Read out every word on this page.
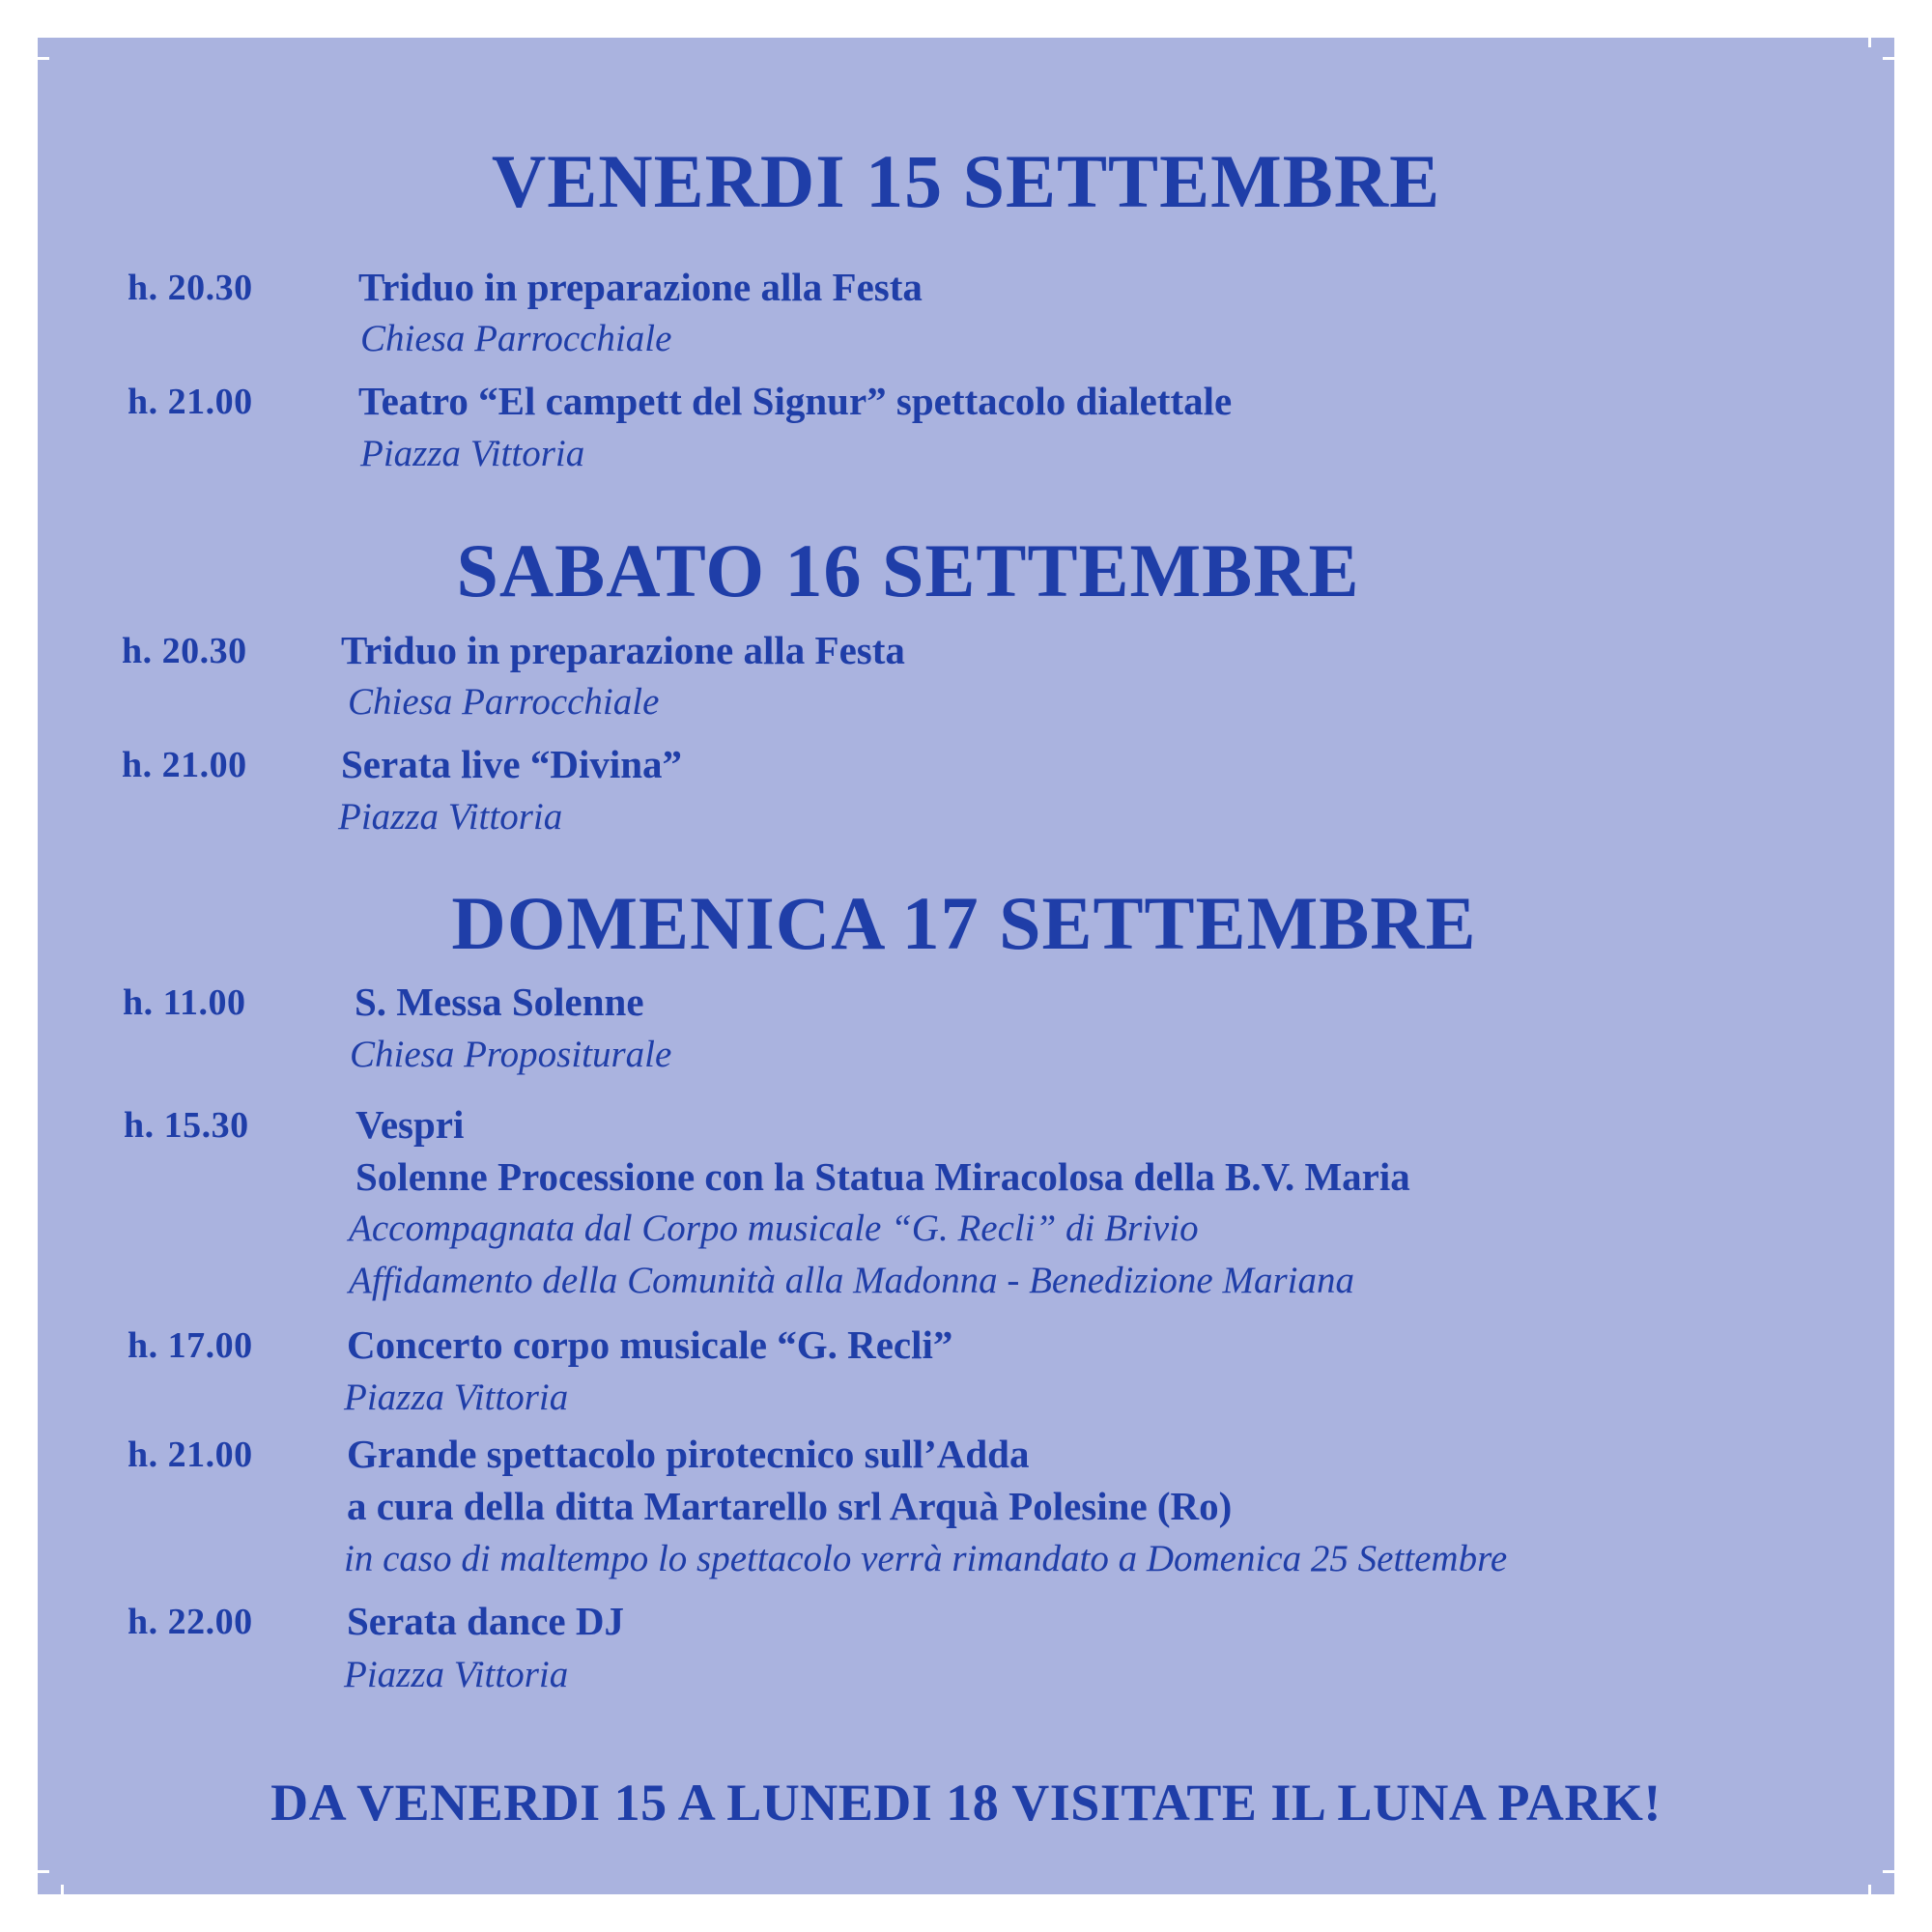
VENERDI 15 SETTEMBRE
h. 20.30	Triduo in preparazione alla Festa
Chiesa Parrocchiale
h. 21.00	Teatro “El campett del Signur” spettacolo dialettale
Piazza Vittoria
SABATO 16 SETTEMBRE
h. 20.30 Triduo in preparazione alla Festa
Chiesa Parrocchiale
h. 21.00 Serata live “Divina”
Piazza Vittoria
DOMENICA 17 SETTEMBRE
h. 11.00	S. Messa Solenne
Chiesa Propositurale
h. 15.30	Vespri
Solenne Processione con la Statua Miracolosa della B.V. Maria
Accompagnata dal Corpo musicale “G. Recli” di Brivio
Affidamento della Comunità alla Madonna - Benedizione Mariana
h. 17.00 Concerto corpo musicale “G. Recli”
Piazza Vittoria
h. 21.00 Grande spettacolo pirotecnico sull’Adda
a cura della ditta Martarello srl Arquà Polesine (Ro)
in caso di maltempo lo spettacolo verrà rimandato a Domenica 25 Settembre
h. 22.00 Serata dance DJ
Piazza Vittoria
DA VENERDI 15 A LUNEDI 18 VISITATE IL LUNA PARK!
